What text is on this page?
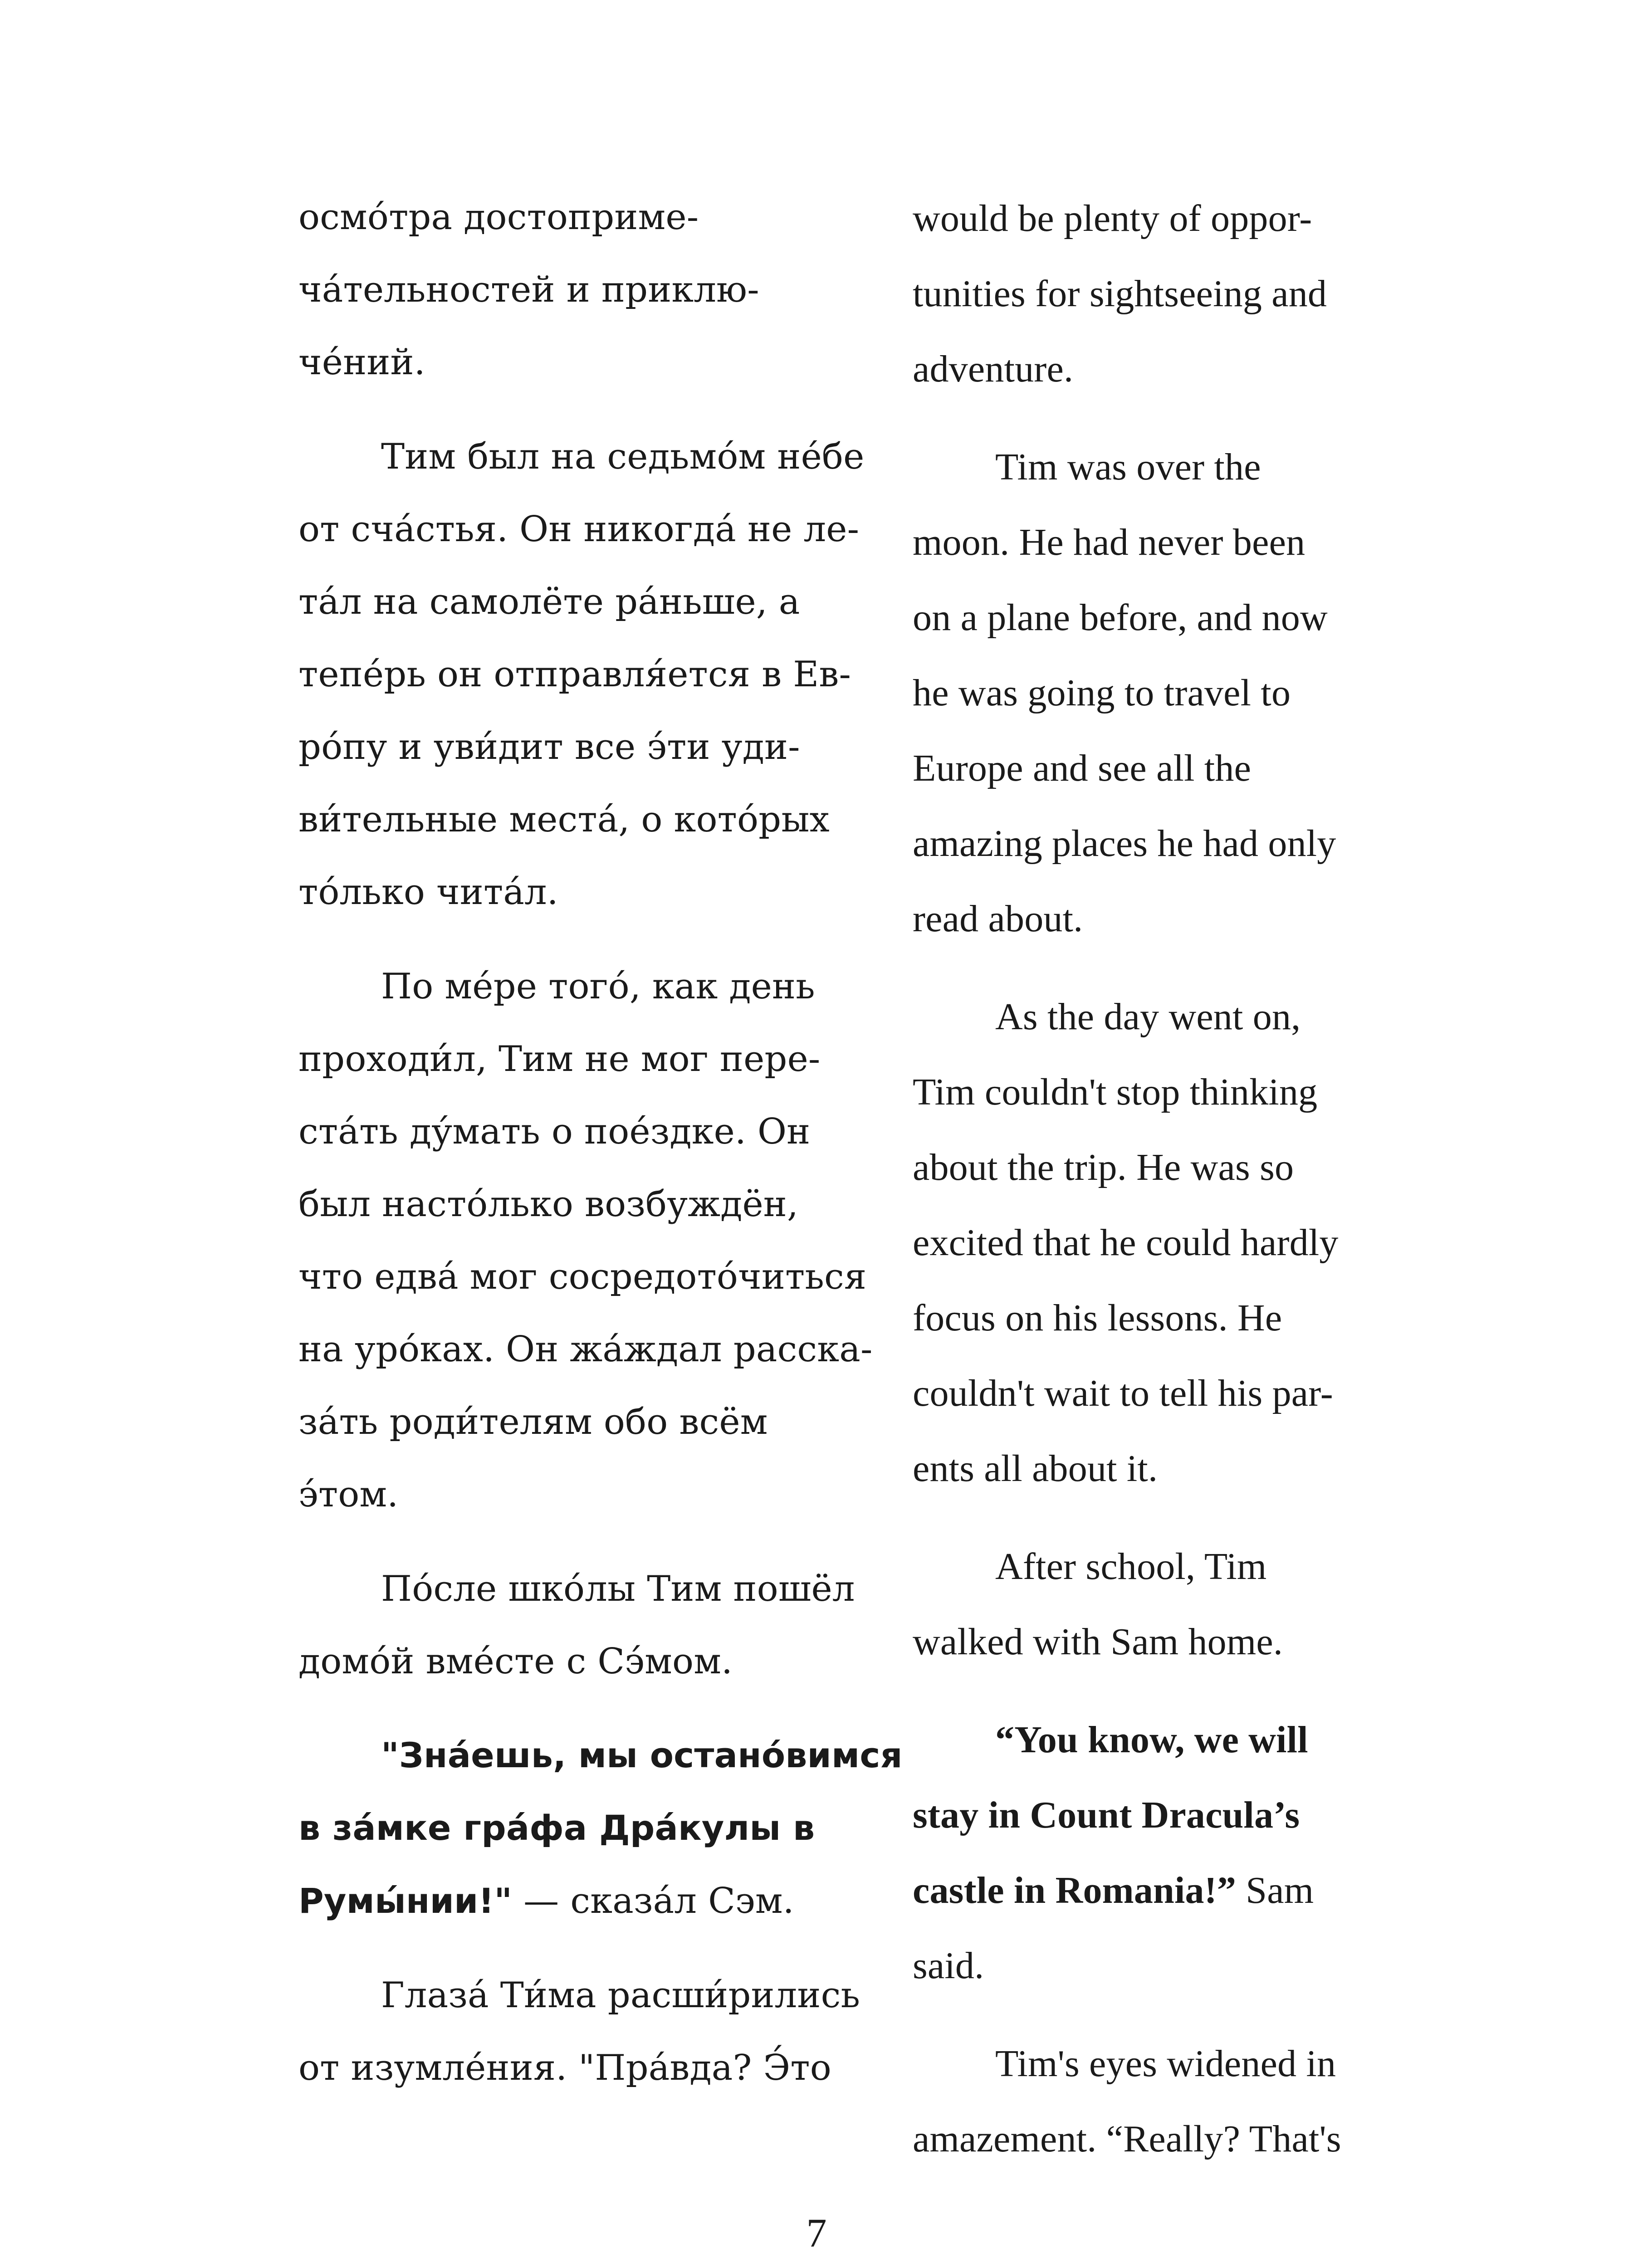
осмо́тра достоприме-
ча́тельностей и приклю-
че́ний.
Тим был на седьмо́м не́бе
от сча́стья. Он никогда́ не ле-
та́л на самолёте ра́ньше, а
тепе́рь он отправля́ется в Ев-
ро́пу и уви́дит все э́ти уди-
ви́тельные места́, о кото́рых
то́лько чита́л.
По ме́ре того́, как день
проходи́л, Тим не мог пере-
ста́ть ду́мать о пое́здке. Он
был насто́лько возбуждён,
что едва́ мог сосредото́читься
на уро́ках. Он жа́ждал расска-
за́ть роди́телям обо всём
э́том.
По́сле шко́лы Тим пошёл
домо́й вме́сте с Сэ́мом.
"Зна́ешь, мы остано́вимся
в за́мке гра́фа Дра́кулы в
Румы́нии!" — сказа́л Сэм.
Глаза́ Ти́ма расши́рились
от изумле́ния. "Пра́вда? Э́то
would be plenty of oppor-
tunities for sightseeing and
adventure.
Tim was over the
moon. He had never been
on a plane before, and now
he was going to travel to
Europe and see all the
amazing places he had only
read about.
As the day went on,
Tim couldn't stop thinking
about the trip. He was so
excited that he could hardly
focus on his lessons. He
couldn't wait to tell his par-
ents all about it.
After school, Tim
walked with Sam home.
“You know, we will
stay in Count Dracula’s
castle in Romania!” Sam
said.
Tim's eyes widened in
amazement. “Really? That's
7
